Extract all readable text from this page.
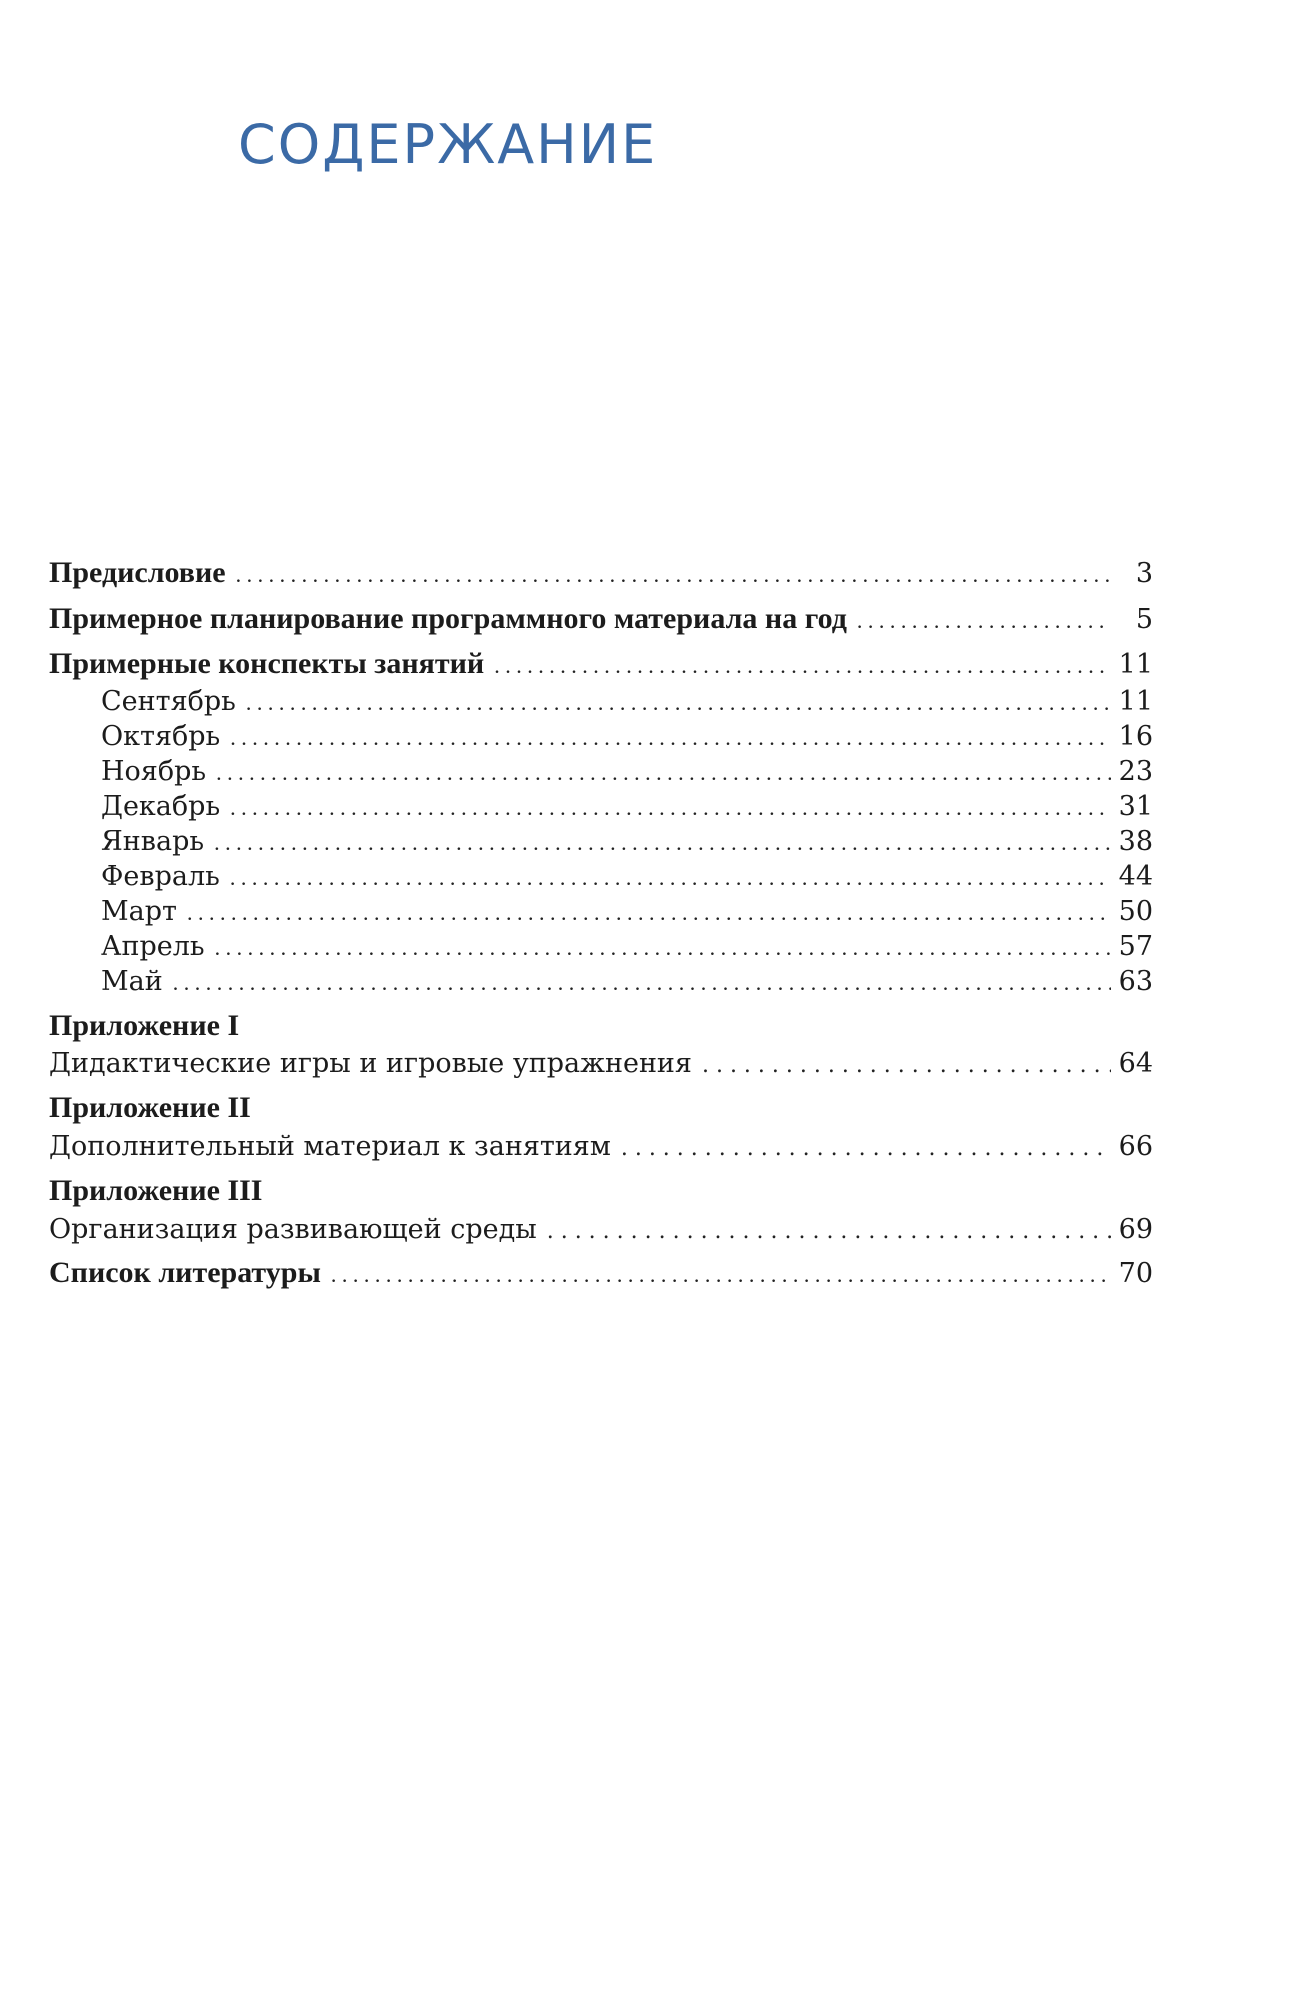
СОДЕРЖАНИЕ
Предисловие . . .	3
Примерное планирование программного материала на год . . .	5
Примерные конспекты занятий . . .	11
Сентябрь . . .	11
Октябрь . . .	16
Ноябрь . . .	23
Декабрь . . .	31
Январь . . .	38
Февраль . . .	44
Март . . .	50
Апрель . . .	57
Май . . .	63
Приложение I
Дидактические игры и игровые упражнения . . .	64
Приложение II
Дополнительный материал к занятиям . . .	66
Приложение III
Организация развивающей среды . . .	69
Список литературы . . .	70
